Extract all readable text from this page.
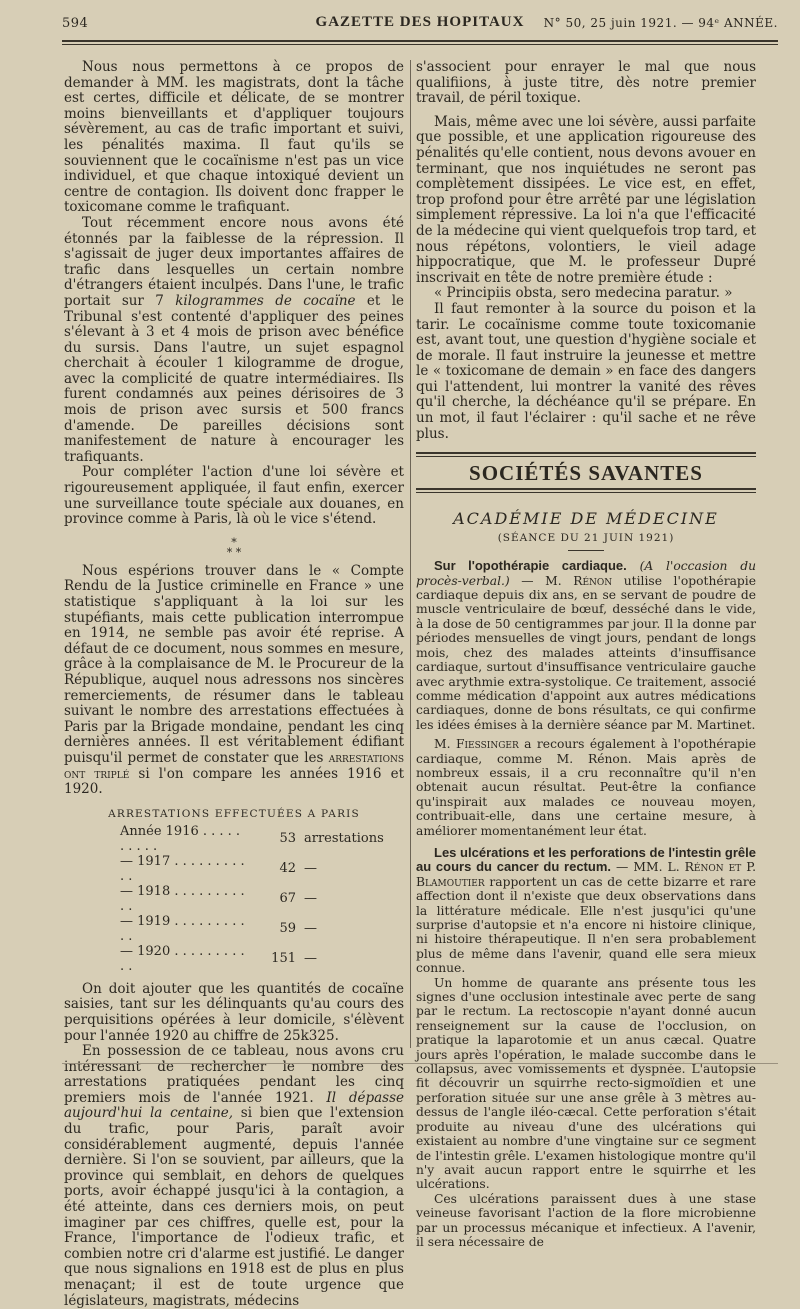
594	GAZETTE DES HOPITAUX	N° 50, 25 juin 1921. — 94ᵉ ANNÉE.

Nous nous permettons à ce propos de demander à MM. les magistrats, dont la tâche est certes, difficile et délicate, de se montrer moins bienveillants et d'appliquer toujours sévèrement, au cas de trafic important et suivi, les pénalités maxima. Il faut qu'ils se souviennent que le cocaïnisme n'est pas un vice individuel, et que chaque intoxiqué devient un centre de contagion. Ils doivent donc frapper le toxicomane comme le trafiquant.

Tout récemment encore nous avons été étonnés par la faiblesse de la répression. Il s'agissait de juger deux importantes affaires de trafic dans lesquelles un certain nombre d'étrangers étaient inculpés. Dans l'une, le trafic portait sur 7 kilogrammes de cocaïne et le Tribunal s'est contenté d'appliquer des peines s'élevant à 3 et 4 mois de prison avec bénéfice du sursis. Dans l'autre, un sujet espagnol cherchait à écouler 1 kilogramme de drogue, avec la complicité de quatre intermédiaires. Ils furent condamnés aux peines dérisoires de 3 mois de prison avec sursis et 500 francs d'amende. De pareilles décisions sont manifestement de nature à encourager les trafiquants.

Pour compléter l'action d'une loi sévère et rigoureusement appliquée, il faut enfin, exercer une surveillance toute spéciale aux douanes, en province comme à Paris, là où le vice s'étend.

*
* *

Nous espérions trouver dans le « Compte Rendu de la Justice criminelle en France » une statistique s'appliquant à la loi sur les stupéfiants, mais cette publication interrompue en 1914, ne semble pas avoir été reprise. A défaut de ce document, nous sommes en mesure, grâce à la complaisance de M. le Procureur de la République, auquel nous adressons nos sincères remerciements, de résumer dans le tableau suivant le nombre des arrestations effectuées à Paris par la Brigade mondaine, pendant les cinq dernières années. Il est véritablement édifiant puisqu'il permet de constater que les arrestations ont triplé si l'on compare les années 1916 et 1920.

ARRESTATIONS EFFECTUÉES A PARIS
Année 1916 . . . . . . . . . .	53	arrestations
— 1917 . . . . . . . . . . .	42	—
— 1918 . . . . . . . . . . .	67	—
— 1919 . . . . . . . . . . .	59	—
— 1920 . . . . . . . . . . .	151	—

On doit ajouter que les quantités de cocaïne saisies, tant sur les délinquants qu'au cours des perquisitions opérées à leur domicile, s'élèvent pour l'année 1920 au chiffre de 25k325.

En possession de ce tableau, nous avons cru intéressant de rechercher le nombre des arrestations pratiquées pendant les cinq premiers mois de l'année 1921. Il dépasse aujourd'hui la centaine, si bien que l'extension du trafic, pour Paris, paraît avoir considérablement augmenté, depuis l'année dernière. Si l'on se souvient, par ailleurs, que la province qui semblait, en dehors de quelques ports, avoir échappé jusqu'ici à la contagion, a été atteinte, dans ces derniers mois, on peut imaginer par ces chiffres, quelle est, pour la France, l'importance de l'odieux trafic, et combien notre cri d'alarme est justifié. Le danger que nous signalions en 1918 est de plus en plus menaçant; il est de toute urgence que législateurs, magistrats, médecins

s'associent pour enrayer le mal que nous qualifiions, à juste titre, dès notre premier travail, de péril toxique.

Mais, même avec une loi sévère, aussi parfaite que possible, et une application rigoureuse des pénalités qu'elle contient, nous devons avouer en terminant, que nos inquiétudes ne seront pas complètement dissipées. Le vice est, en effet, trop profond pour être arrêté par une législation simplement répressive. La loi n'a que l'efficacité de la médecine qui vient quelquefois trop tard, et nous répétons, volontiers, le vieil adage hippocratique, que M. le professeur Dupré inscrivait en tête de notre première étude :

« Principiis obsta, sero medecina paratur. »

Il faut remonter à la source du poison et la tarir. Le cocaïnisme comme toute toxicomanie est, avant tout, une question d'hygiène sociale et de morale. Il faut instruire la jeunesse et mettre le « toxicomane de demain » en face des dangers qui l'attendent, lui montrer la vanité des rêves qu'il cherche, la déchéance qu'il se prépare. En un mot, il faut l'éclairer : qu'il sache et ne rêve plus.

SOCIÉTÉS SAVANTES
ACADÉMIE DE MÉDECINE
(SÉANCE DU 21 JUIN 1921)

Sur l'opothérapie cardiaque. (A l'occasion du procès-verbal.) — M. Rénon utilise l'opothérapie cardiaque depuis dix ans, en se servant de poudre de muscle ventriculaire de bœuf, desséché dans le vide, à la dose de 50 centigrammes par jour. Il la donne par périodes mensuelles de vingt jours, pendant de longs mois, chez des malades atteints d'insuffisance cardiaque, surtout d'insuffisance ventriculaire gauche avec arythmie extra-systolique. Ce traitement, associé comme médication d'appoint aux autres médications cardiaques, donne de bons résultats, ce qui confirme les idées émises à la dernière séance par M. Martinet.

M. Fiessinger a recours également à l'opothérapie cardiaque, comme M. Rénon. Mais après de nombreux essais, il a cru reconnaître qu'il n'en obtenait aucun résultat. Peut-être la confiance qu'inspirait aux malades ce nouveau moyen, contribuait-elle, dans une certaine mesure, à améliorer momentanément leur état.

Les ulcérations et les perforations de l'intestin grêle au cours du cancer du rectum. — MM. L. Rénon et P. Blamoutier rapportent un cas de cette bizarre et rare affection dont il n'existe que deux observations dans la littérature médicale. Elle n'est jusqu'ici qu'une surprise d'autopsie et n'a encore ni histoire clinique, ni histoire thérapeutique. Il n'en sera probablement plus de même dans l'avenir, quand elle sera mieux connue.

Un homme de quarante ans présente tous les signes d'une occlusion intestinale avec perte de sang par le rectum. La rectoscopie n'ayant donné aucun renseignement sur la cause de l'occlusion, on pratique la laparotomie et un anus cæcal. Quatre jours après l'opération, le malade succombe dans le collapsus, avec vomissements et dyspnée. L'autopsie fit découvrir un squirrhe recto-sigmoïdien et une perforation située sur une anse grêle à 3 mètres au-dessus de l'angle iléo-cæcal. Cette perforation s'était produite au niveau d'une des ulcérations qui existaient au nombre d'une vingtaine sur ce segment de l'intestin grêle. L'examen histologique montre qu'il n'y avait aucun rapport entre le squirrhe et les ulcérations.

Ces ulcérations paraissent dues à une stase veineuse favorisant l'action de la flore microbienne par un processus mécanique et infectieux. A l'avenir, il sera nécessaire de
